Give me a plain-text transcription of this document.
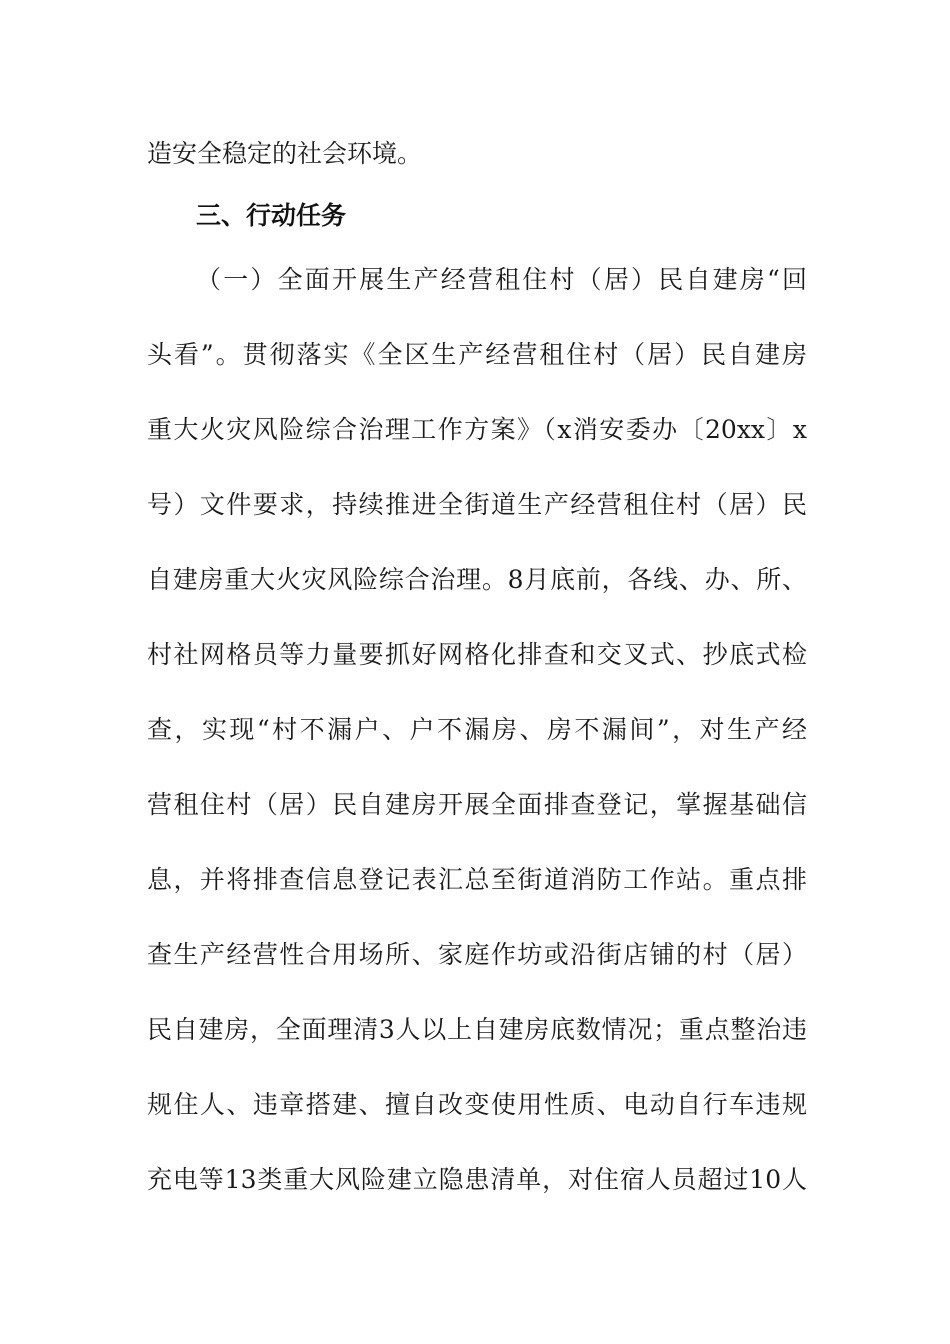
造安全稳定的社会环境。
三、行动任务
（一）全面开展生产经营租住村（居）民自建房“回
头看”。贯彻落实《全区生产经营租住村（居）民自建房
重大火灾风险综合治理工作方案》（x消安委办〔20xx〕x
号）文件要求，持续推进全街道生产经营租住村（居）民
自建房重大火灾风险综合治理。8月底前，各线、办、所、
村社网格员等力量要抓好网格化排查和交叉式、抄底式检
查，实现“村不漏户、户不漏房、房不漏间”，对生产经
营租住村（居）民自建房开展全面排查登记，掌握基础信
息，并将排查信息登记表汇总至街道消防工作站。重点排
查生产经营性合用场所、家庭作坊或沿街店铺的村（居）
民自建房，全面理清3人以上自建房底数情况；重点整治违
规住人、违章搭建、擅自改变使用性质、电动自行车违规
充电等13类重大风险建立隐患清单，对住宿人员超过10人
